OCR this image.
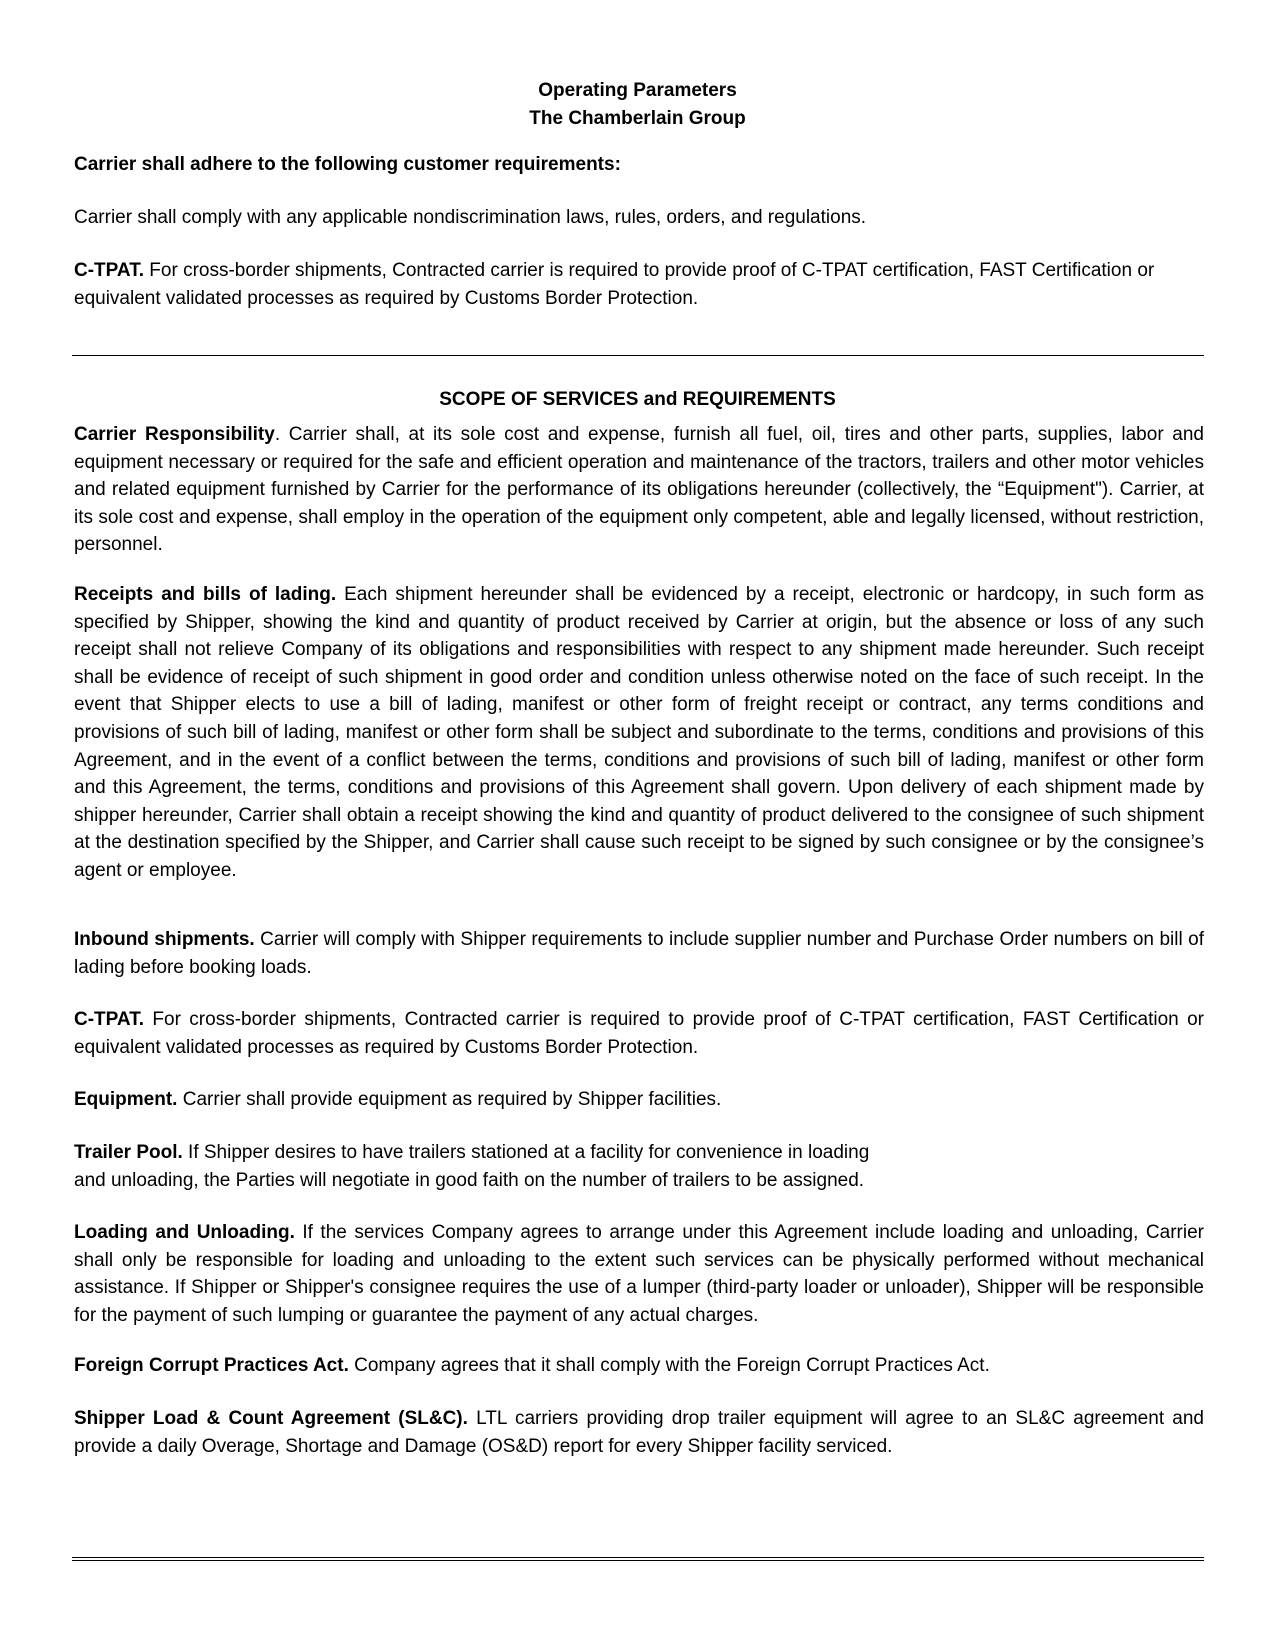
Operating Parameters
The Chamberlain Group

Carrier shall adhere to the following customer requirements:

Carrier shall comply with any applicable nondiscrimination laws, rules, orders, and regulations.

C-TPAT. For cross-border shipments, Contracted carrier is required to provide proof of C-TPAT certification, FAST Certification or equivalent validated processes as required by Customs Border Protection.

SCOPE OF SERVICES and REQUIREMENTS

Carrier Responsibility. Carrier shall, at its sole cost and expense, furnish all fuel, oil, tires and other parts, supplies, labor and equipment necessary or required for the safe and efficient operation and maintenance of the tractors, trailers and other motor vehicles and related equipment furnished by Carrier for the performance of its obligations hereunder (collectively, the “Equipment"). Carrier, at its sole cost and expense, shall employ in the operation of the equipment only competent, able and legally licensed, without restriction, personnel.

Receipts and bills of lading. Each shipment hereunder shall be evidenced by a receipt, electronic or hardcopy, in such form as specified by Shipper, showing the kind and quantity of product received by Carrier at origin, but the absence or loss of any such receipt shall not relieve Company of its obligations and responsibilities with respect to any shipment made hereunder. Such receipt shall be evidence of receipt of such shipment in good order and condition unless otherwise noted on the face of such receipt. In the event that Shipper elects to use a bill of lading, manifest or other form of freight receipt or contract, any terms conditions and provisions of such bill of lading, manifest or other form shall be subject and subordinate to the terms, conditions and provisions of this Agreement, and in the event of a conflict between the terms, conditions and provisions of such bill of lading, manifest or other form and this Agreement, the terms, conditions and provisions of this Agreement shall govern. Upon delivery of each shipment made by shipper hereunder, Carrier shall obtain a receipt showing the kind and quantity of product delivered to the consignee of such shipment at the destination specified by the Shipper, and Carrier shall cause such receipt to be signed by such consignee or by the consignee’s agent or employee.

Inbound shipments. Carrier will comply with Shipper requirements to include supplier number and Purchase Order numbers on bill of lading before booking loads.

C-TPAT. For cross-border shipments, Contracted carrier is required to provide proof of C-TPAT certification, FAST Certification or equivalent validated processes as required by Customs Border Protection.

Equipment. Carrier shall provide equipment as required by Shipper facilities.

Trailer Pool. If Shipper desires to have trailers stationed at a facility for convenience in loading

and unloading, the Parties will negotiate in good faith on the number of trailers to be assigned.

Loading and Unloading. If the services Company agrees to arrange under this Agreement include loading and unloading, Carrier shall only be responsible for loading and unloading to the extent such services can be physically performed without mechanical assistance. If Shipper or Shipper's consignee requires the use of a lumper (third-party loader or unloader), Shipper will be responsible for the payment of such lumping or guarantee the payment of any actual charges.

Foreign Corrupt Practices Act. Company agrees that it shall comply with the Foreign Corrupt Practices Act.

Shipper Load & Count Agreement (SL&C). LTL carriers providing drop trailer equipment will agree to an SL&C agreement and provide a daily Overage, Shortage and Damage (OS&D) report for every Shipper facility serviced.
